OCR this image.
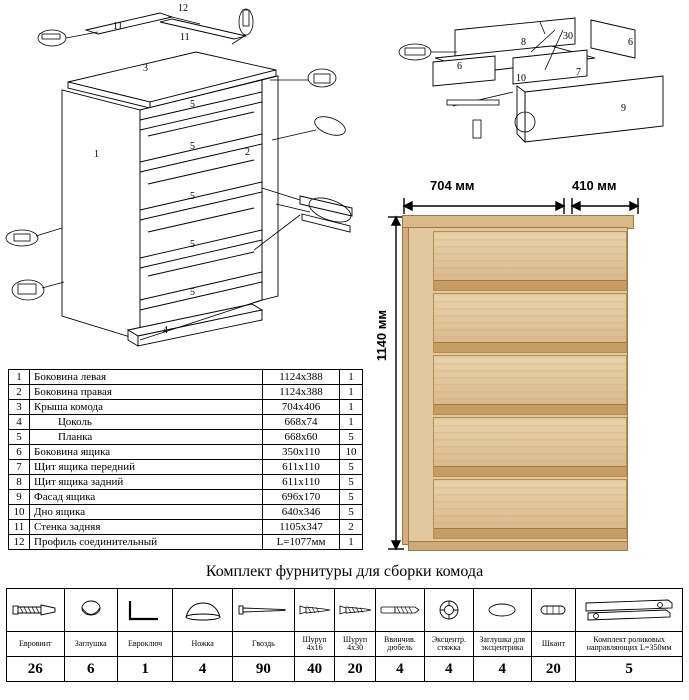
12
11
11
3
5
1	2
5
5
5
5
4
8
30
6
6
10
7
9
1	Боковина левая	1124x388	1
2	Боковина правая	1124x388	1
3	Крыша комода	704x406	1
4	Цоколь	668х74	1
5	Планка	668x60	5
6	Боковина ящика	350x110	10
7	Щит ящика передний	611x110	5
8	Щит ящика задний	611x110	5
9	Фасад ящика	696x170	5
10	Дно ящика	640x346	5
11	Стенка задняя	1105х347	2
12	Профиль соединительный	L=1077мм	1
704 мм	410 мм
1140 мм
Комплект фурнитуры для сборки комода

Еврoвинт	Заглушка	Еврoключ	Ножка	Гвоздь	Шуруп 4х16	Шуруп 4х30	Ввинчив. дюбель	Эксцентр. стяжка	Заглушка для эксцентрика	Шкант	Комплект роликовых направляющих L=350мм
26	6	1	4	90	40	20	4	4	4	20	5
